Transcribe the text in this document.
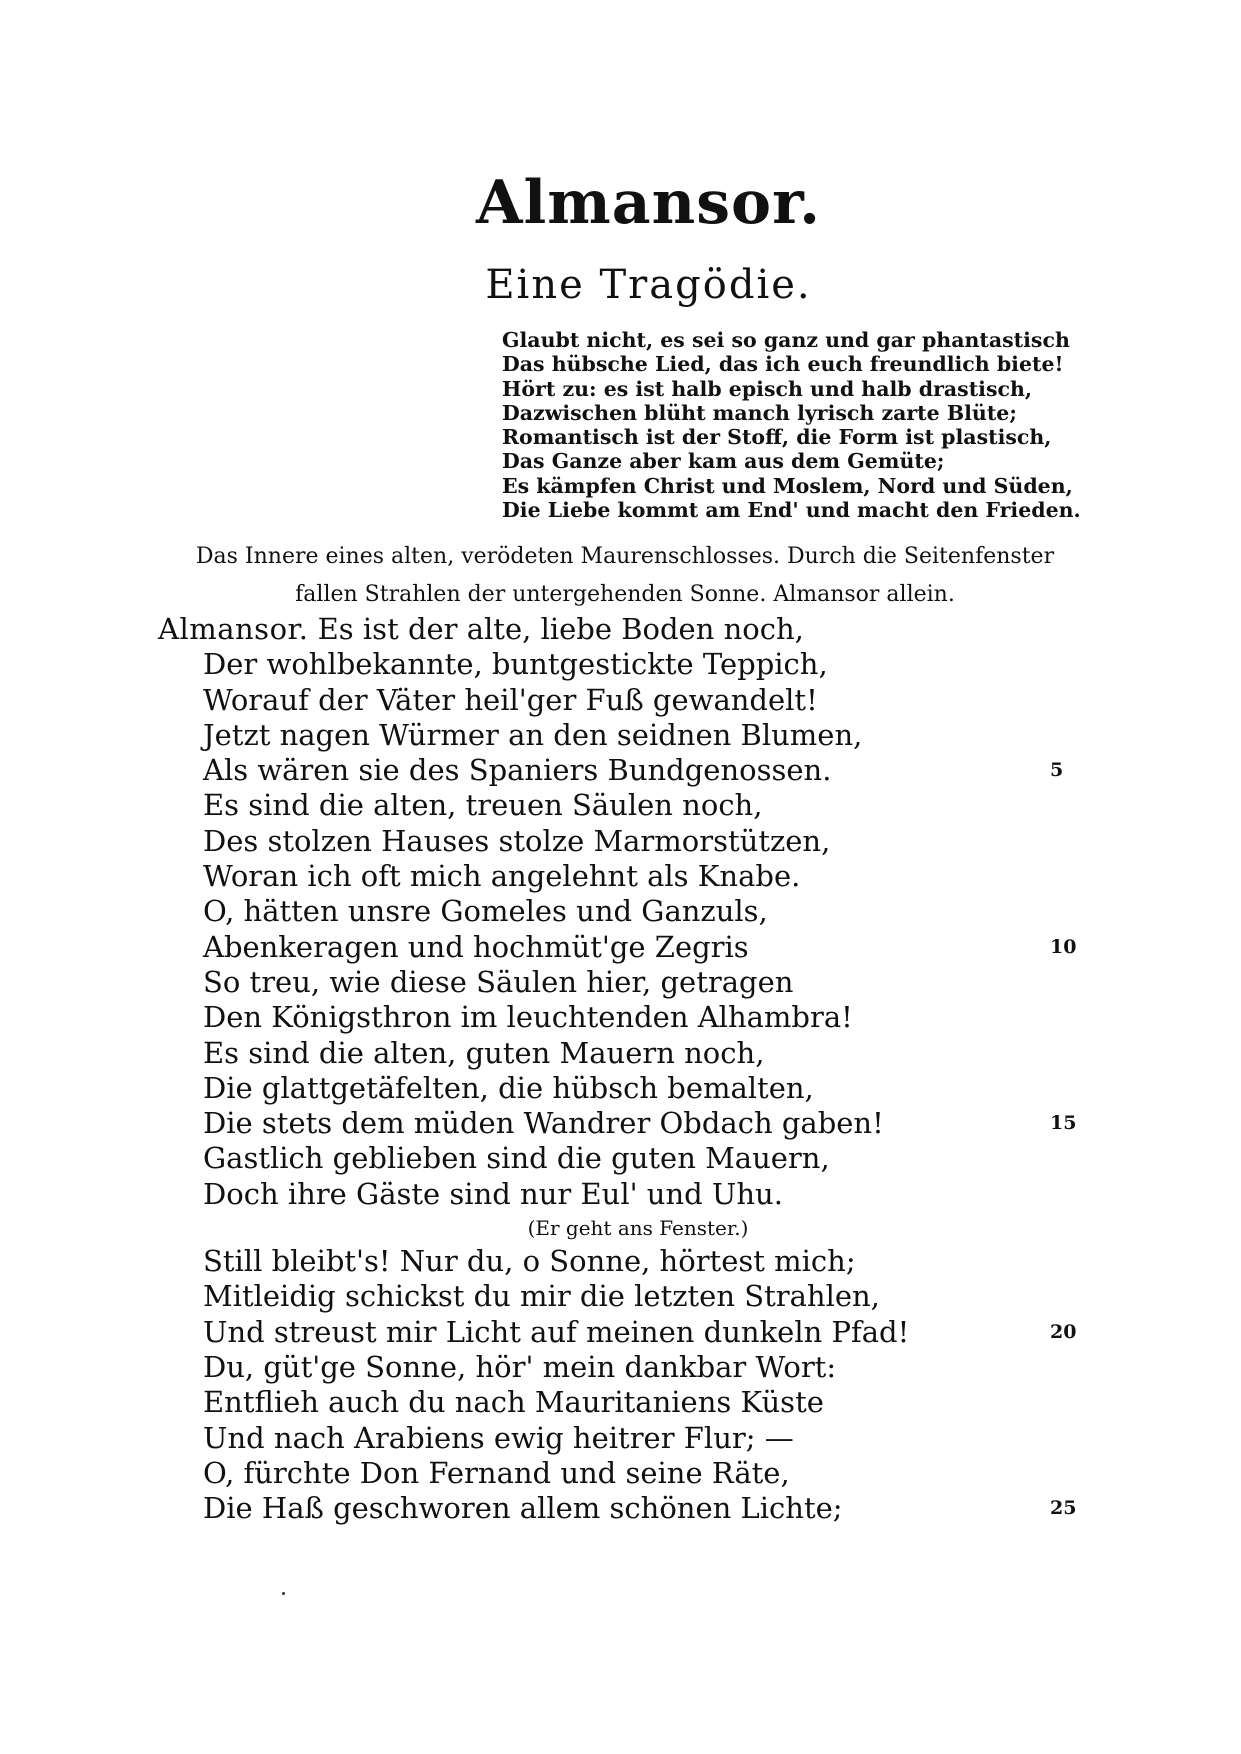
Almansor.
Eine Tragödie.
Glaubt nicht, es sei so ganz und gar phantastisch
Das hübsche Lied, das ich euch freundlich biete!
Hört zu: es ist halb episch und halb drastisch,
Dazwischen blüht manch lyrisch zarte Blüte;
Romantisch ist der Stoff, die Form ist plastisch,
Das Ganze aber kam aus dem Gemüte;
Es kämpfen Christ und Moslem, Nord und Süden,
Die Liebe kommt am End' und macht den Frieden.
Das Innere eines alten, verödeten Maurenschlosses. Durch die Seitenfenster
fallen Strahlen der untergehenden Sonne. Almansor allein.
Almansor. Es ist der alte, liebe Boden noch,
Der wohlbekannte, buntgestickte Teppich,
Worauf der Väter heil'ger Fuß gewandelt!
Jetzt nagen Würmer an den seidnen Blumen,
Als wären sie des Spaniers Bundgenossen.	5
Es sind die alten, treuen Säulen noch,
Des stolzen Hauses stolze Marmorstützen,
Woran ich oft mich angelehnt als Knabe.
O, hätten unsre Gomeles und Ganzuls,
Abenkeragen und hochmüt'ge Zegris	10
So treu, wie diese Säulen hier, getragen
Den Königsthron im leuchtenden Alhambra!
Es sind die alten, guten Mauern noch,
Die glattgetäfelten, die hübsch bemalten,
Die stets dem müden Wandrer Obdach gaben!	15
Gastlich geblieben sind die guten Mauern,
Doch ihre Gäste sind nur Eul' und Uhu.
(Er geht ans Fenster.)
Still bleibt's! Nur du, o Sonne, hörtest mich;
Mitleidig schickst du mir die letzten Strahlen,
Und streust mir Licht auf meinen dunkeln Pfad!	20
Du, güt'ge Sonne, hör' mein dankbar Wort:
Entflieh auch du nach Mauritaniens Küste
Und nach Arabiens ewig heitrer Flur; —
O, fürchte Don Fernand und seine Räte,
Die Haß geschworen allem schönen Lichte;	25
